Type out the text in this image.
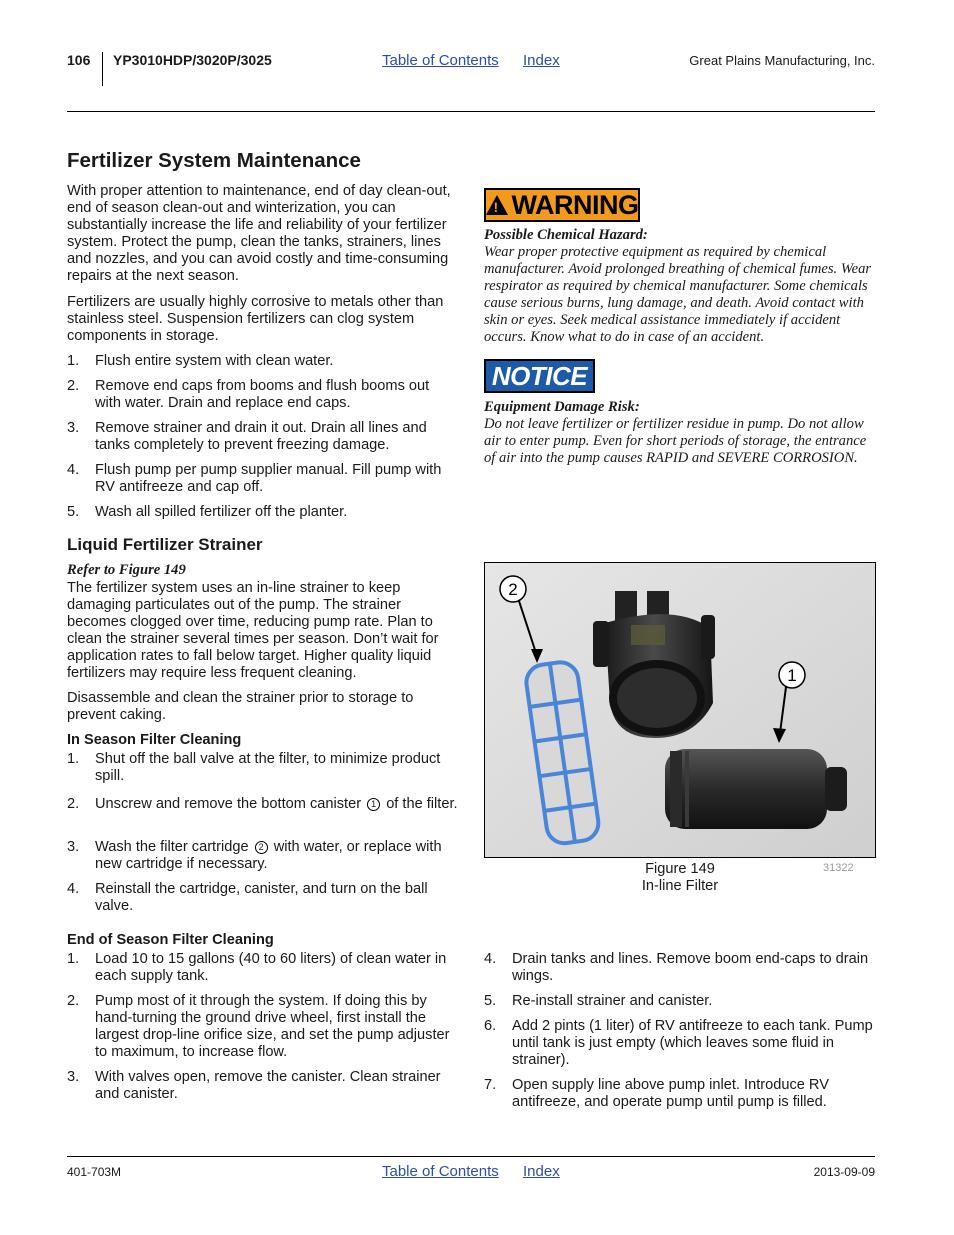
106 YP3010HDP/3020P/3025	Table of Contents Index	Great Plains Manufacturing, Inc.
Fertilizer System Maintenance
With proper attention to maintenance, end of day clean-out, end of season clean-out and winterization, you can substantially increase the life and reliability of your fertilizer system. Protect the pump, clean the tanks, strainers, lines and nozzles, and you can avoid costly and time-consuming repairs at the next season.
Fertilizers are usually highly corrosive to metals other than stainless steel. Suspension fertilizers can clog system components in storage.
1. Flush entire system with clean water.
2. Remove end caps from booms and flush booms out with water. Drain and replace end caps.
3. Remove strainer and drain it out. Drain all lines and tanks completely to prevent freezing damage.
4. Flush pump per pump supplier manual. Fill pump with RV antifreeze and cap off.
5. Wash all spilled fertilizer off the planter.
Liquid Fertilizer Strainer
Refer to Figure 149
The fertilizer system uses an in-line strainer to keep damaging particulates out of the pump. The strainer becomes clogged over time, reducing pump rate. Plan to clean the strainer several times per season. Don’t wait for application rates to fall below target. Higher quality liquid fertilizers may require less frequent cleaning.
Disassemble and clean the strainer prior to storage to prevent caking.
In Season Filter Cleaning
1. Shut off the ball valve at the filter, to minimize product spill.
2. Unscrew and remove the bottom canister 1 of the filter.
3. Wash the filter cartridge 2 with water, or replace with new cartridge if necessary.
4. Reinstall the cartridge, canister, and turn on the ball valve.
End of Season Filter Cleaning
1. Load 10 to 15 gallons (40 to 60 liters) of clean water in each supply tank.
2. Pump most of it through the system. If doing this by hand-turning the ground drive wheel, first install the largest drop-line orifice size, and set the pump adjuster to maximum, to increase flow.
3. With valves open, remove the canister. Clean strainer and canister.
! WARNING
Possible Chemical Hazard:
Wear proper protective equipment as required by chemical manufacturer. Avoid prolonged breathing of chemical fumes. Wear respirator as required by chemical manufacturer. Some chemicals cause serious burns, lung damage, and death. Avoid contact with skin or eyes. Seek medical assistance immediately if accident occurs. Know what to do in case of an accident.
NOTICE
Equipment Damage Risk:
Do not leave fertilizer or fertilizer residue in pump. Do not allow air to enter pump. Even for short periods of storage, the entrance of air into the pump causes RAPID and SEVERE CORROSION.
2
1
Figure 149
In-line Filter
31322
4. Drain tanks and lines. Remove boom end-caps to drain wings.
5. Re-install strainer and canister.
6. Add 2 pints (1 liter) of RV antifreeze to each tank. Pump until tank is just empty (which leaves some fluid in strainer).
7. Open supply line above pump inlet. Introduce RV antifreeze, and operate pump until pump is filled.
401-703M	Table of Contents Index	2013-09-09
